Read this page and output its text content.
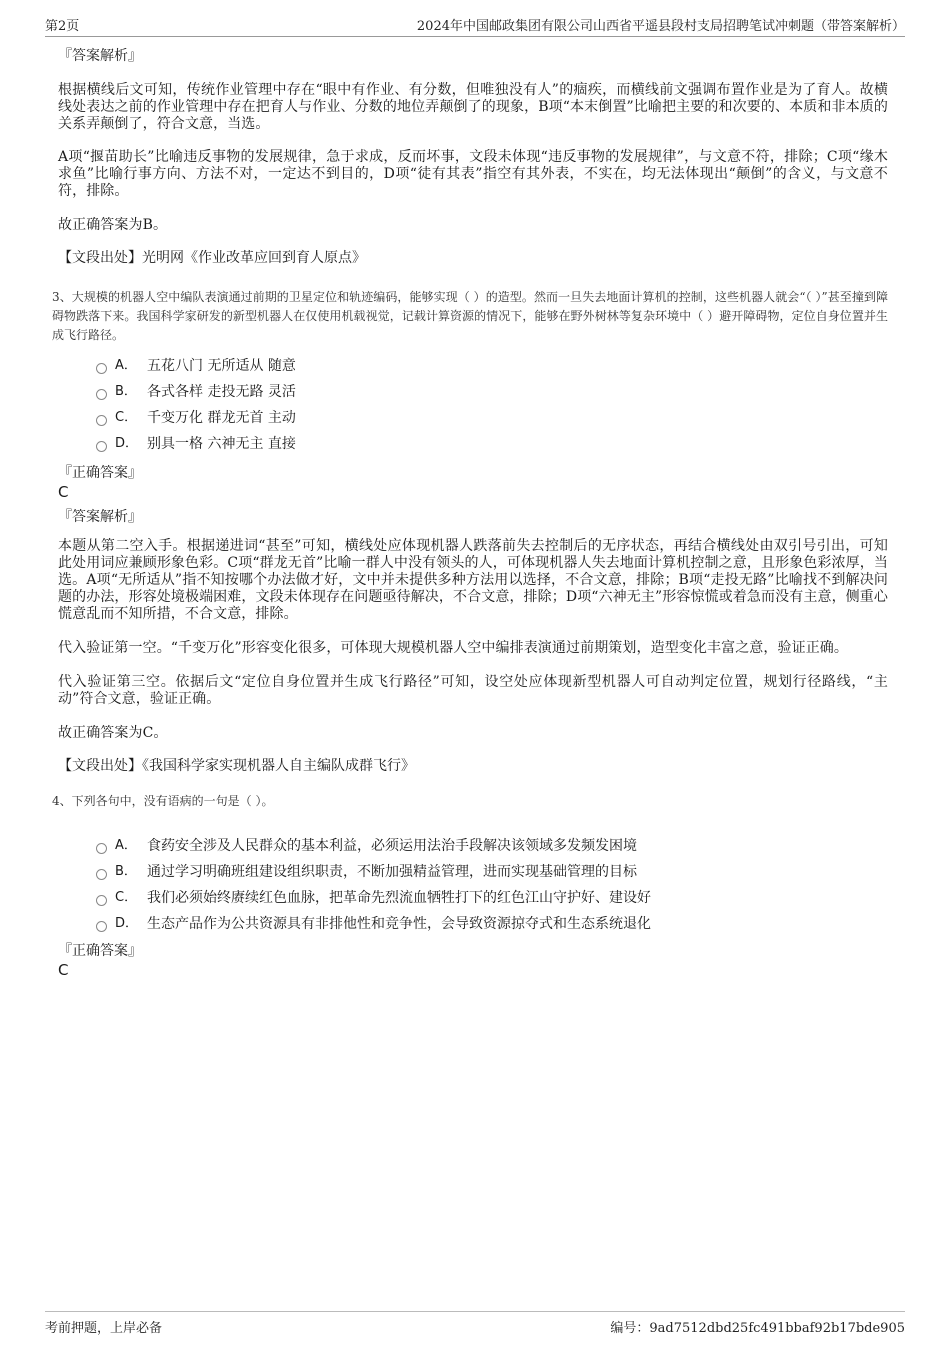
第2页	2024年中国邮政集团有限公司山西省平遥县段村支局招聘笔试冲刺题（带答案解析）

『答案解析』

根据横线后文可知，传统作业管理中存在“眼中有作业、有分数，但唯独没有人”的痼疾，而横线前文强调布置作业是为了育人。故横线处表达之前的作业管理中存在把育人与作业、分数的地位弄颠倒了的现象，B项“本末倒置”比喻把主要的和次要的、本质和非本质的关系弄颠倒了，符合文意，当选。

A项“揠苗助长”比喻违反事物的发展规律，急于求成，反而坏事，文段未体现“违反事物的发展规律”，与文意不符，排除；C项“缘木求鱼”比喻行事方向、方法不对，一定达不到目的，D项“徒有其表”指空有其外表，不实在，均无法体现出“颠倒”的含义，与文意不符，排除。

故正确答案为B。

【文段出处】光明网《作业改革应回到育人原点》

3、大规模的机器人空中编队表演通过前期的卫星定位和轨迹编码，能够实现（ ）的造型。然而一旦失去地面计算机的控制，这些机器人就会“（ ）”甚至撞到障碍物跌落下来。我国科学家研发的新型机器人在仅使用机载视觉，记载计算资源的情况下，能够在野外树林等复杂环境中（ ）避开障碍物，定位自身位置并生成飞行路径。

A． 五花八门 无所适从 随意
B． 各式各样 走投无路 灵活
C． 千变万化 群龙无首 主动
D． 别具一格 六神无主 直接

『正确答案』

C

『答案解析』

本题从第二空入手。根据递进词“甚至”可知，横线处应体现机器人跌落前失去控制后的无序状态，再结合横线处由双引号引出，可知此处用词应兼顾形象色彩。C项“群龙无首”比喻一群人中没有领头的人，可体现机器人失去地面计算机控制之意，且形象色彩浓厚，当选。A项“无所适从”指不知按哪个办法做才好，文中并未提供多种方法用以选择，不合文意，排除；B项“走投无路”比喻找不到解决问题的办法，形容处境极端困难，文段未体现存在问题亟待解决，不合文意，排除；D项“六神无主”形容惊慌或着急而没有主意，侧重心慌意乱而不知所措，不合文意，排除。

代入验证第一空。“千变万化”形容变化很多，可体现大规模机器人空中编排表演通过前期策划，造型变化丰富之意，验证正确。

代入验证第三空。依据后文“定位自身位置并生成飞行路径”可知，设空处应体现新型机器人可自动判定位置，规划行径路线，“主动”符合文意，验证正确。

故正确答案为C。

【文段出处】《我国科学家实现机器人自主编队成群飞行》

4、下列各句中，没有语病的一句是（ ）。

A． 食药安全涉及人民群众的基本利益，必须运用法治手段解决该领域多发频发困境
B． 通过学习明确班组建设组织职责，不断加强精益管理，进而实现基础管理的目标
C． 我们必须始终赓续红色血脉，把革命先烈流血牺牲打下的红色江山守护好、建设好
D． 生态产品作为公共资源具有非排他性和竞争性，会导致资源掠夺式和生态系统退化

『正确答案』

C

考前押题，上岸必备	编号：9ad7512dbd25fc491bbaf92b17bde905
